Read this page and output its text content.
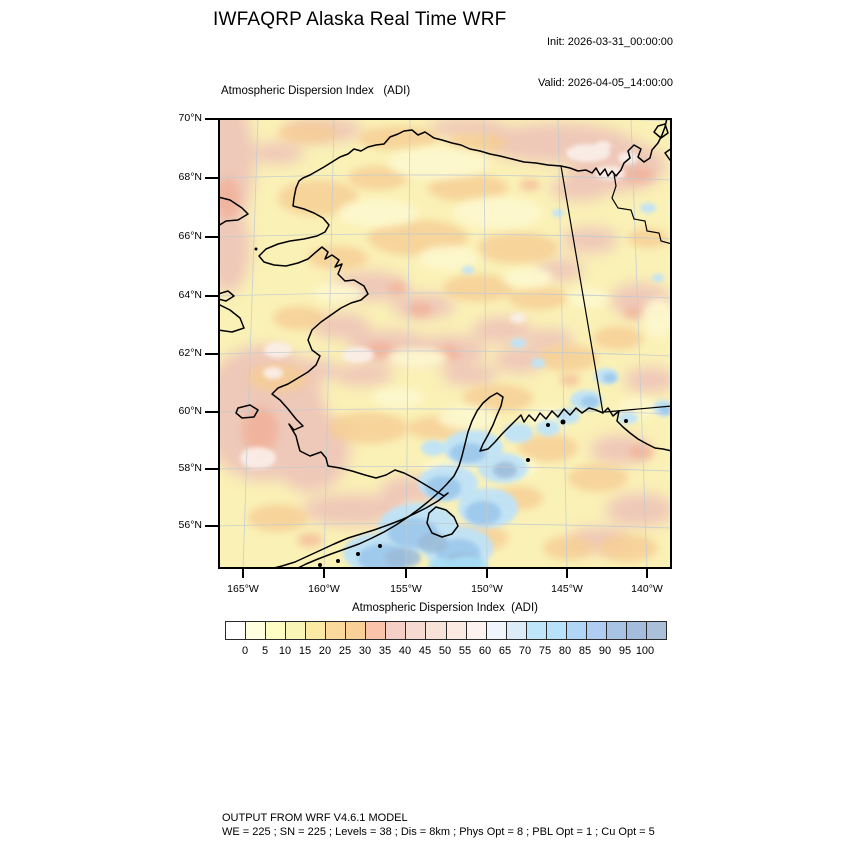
IWFAQRP Alaska Real Time WRF

Init: 2026-03-31_00:00:00

Valid: 2026-04-05_14:00:00

Atmospheric Dispersion Index   (ADI)
70°N
68°N
66°N
64°N
62°N
60°N
58°N
56°N
165°W	160°W	155°W	150°W	145°W	140°W
Atmospheric Dispersion Index  (ADI)
0	5 10 15 20 25 30 35 40 45 50 55 60 65 70 75 80 85 90 95 100
OUTPUT FROM WRF V4.6.1 MODEL
WE = 225 ; SN = 225 ; Levels = 38 ; Dis = 8km ; Phys Opt = 8 ; PBL Opt = 1 ; Cu Opt = 5
